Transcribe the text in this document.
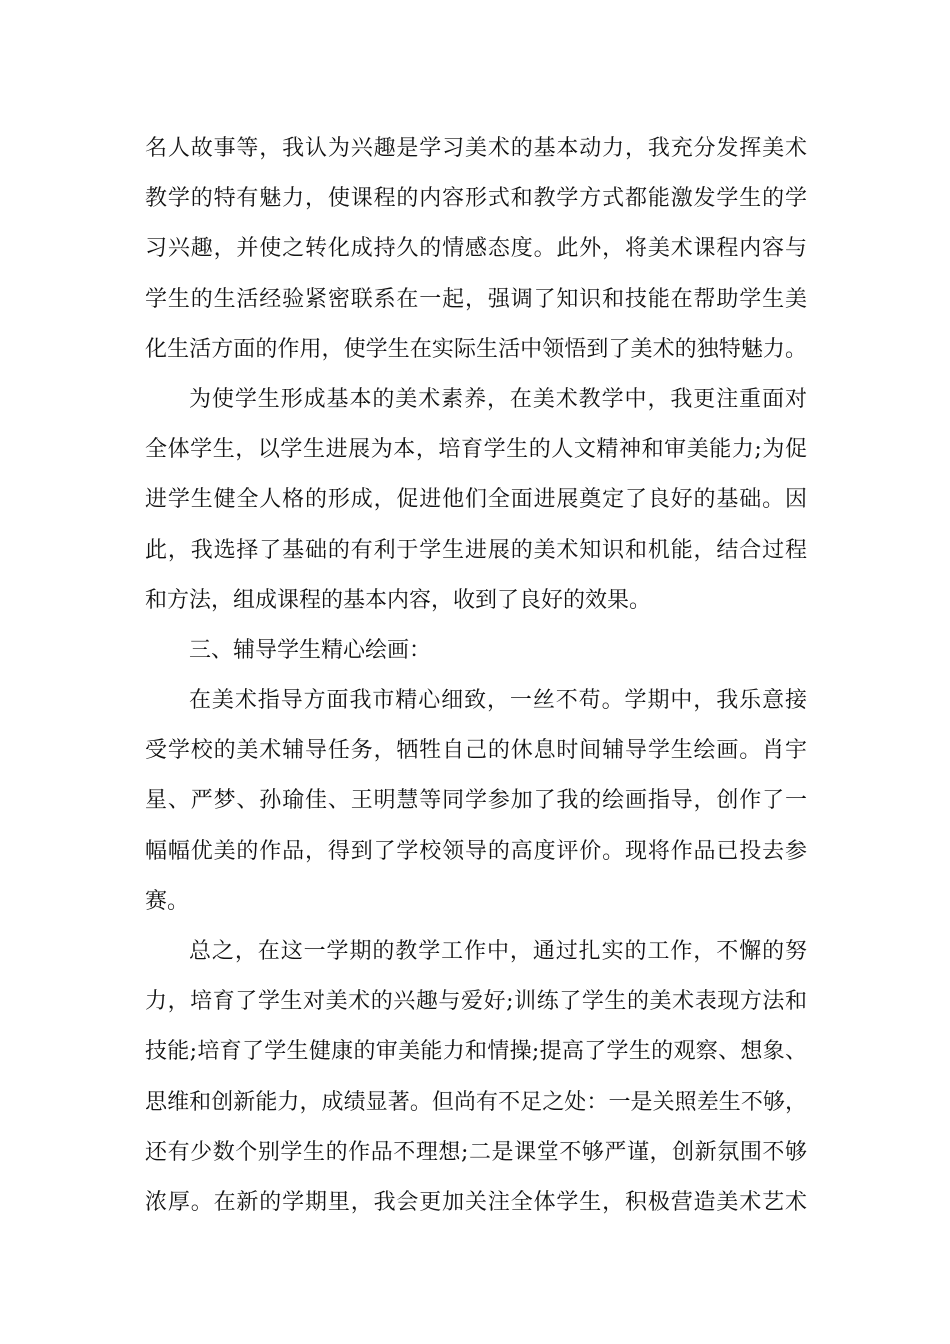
名人故事等，我认为兴趣是学习美术的基本动力，我充分发挥美术
教学的特有魅力，使课程的内容形式和教学方式都能激发学生的学
习兴趣，并使之转化成持久的情感态度。此外，将美术课程内容与
学生的生活经验紧密联系在一起，强调了知识和技能在帮助学生美
化生活方面的作用，使学生在实际生活中领悟到了美术的独特魅力。
为使学生形成基本的美术素养，在美术教学中，我更注重面对
全体学生，以学生进展为本，培育学生的人文精神和审美能力;为促
进学生健全人格的形成，促进他们全面进展奠定了良好的基础。因
此，我选择了基础的有利于学生进展的美术知识和机能，结合过程
和方法，组成课程的基本内容，收到了良好的效果。
三、辅导学生精心绘画：
在美术指导方面我市精心细致，一丝不苟。学期中，我乐意接
受学校的美术辅导任务，牺牲自己的休息时间辅导学生绘画。肖宇
星、严梦、孙瑜佳、王明慧等同学参加了我的绘画指导，创作了一
幅幅优美的作品，得到了学校领导的高度评价。现将作品已投去参
赛。
总之，在这一学期的教学工作中，通过扎实的工作，不懈的努
力，培育了学生对美术的兴趣与爱好;训练了学生的美术表现方法和
技能;培育了学生健康的审美能力和情操;提高了学生的观察、想象、
思维和创新能力，成绩显著。但尚有不足之处：一是关照差生不够，
还有少数个别学生的作品不理想;二是课堂不够严谨，创新氛围不够
浓厚。在新的学期里，我会更加关注全体学生，积极营造美术艺术
